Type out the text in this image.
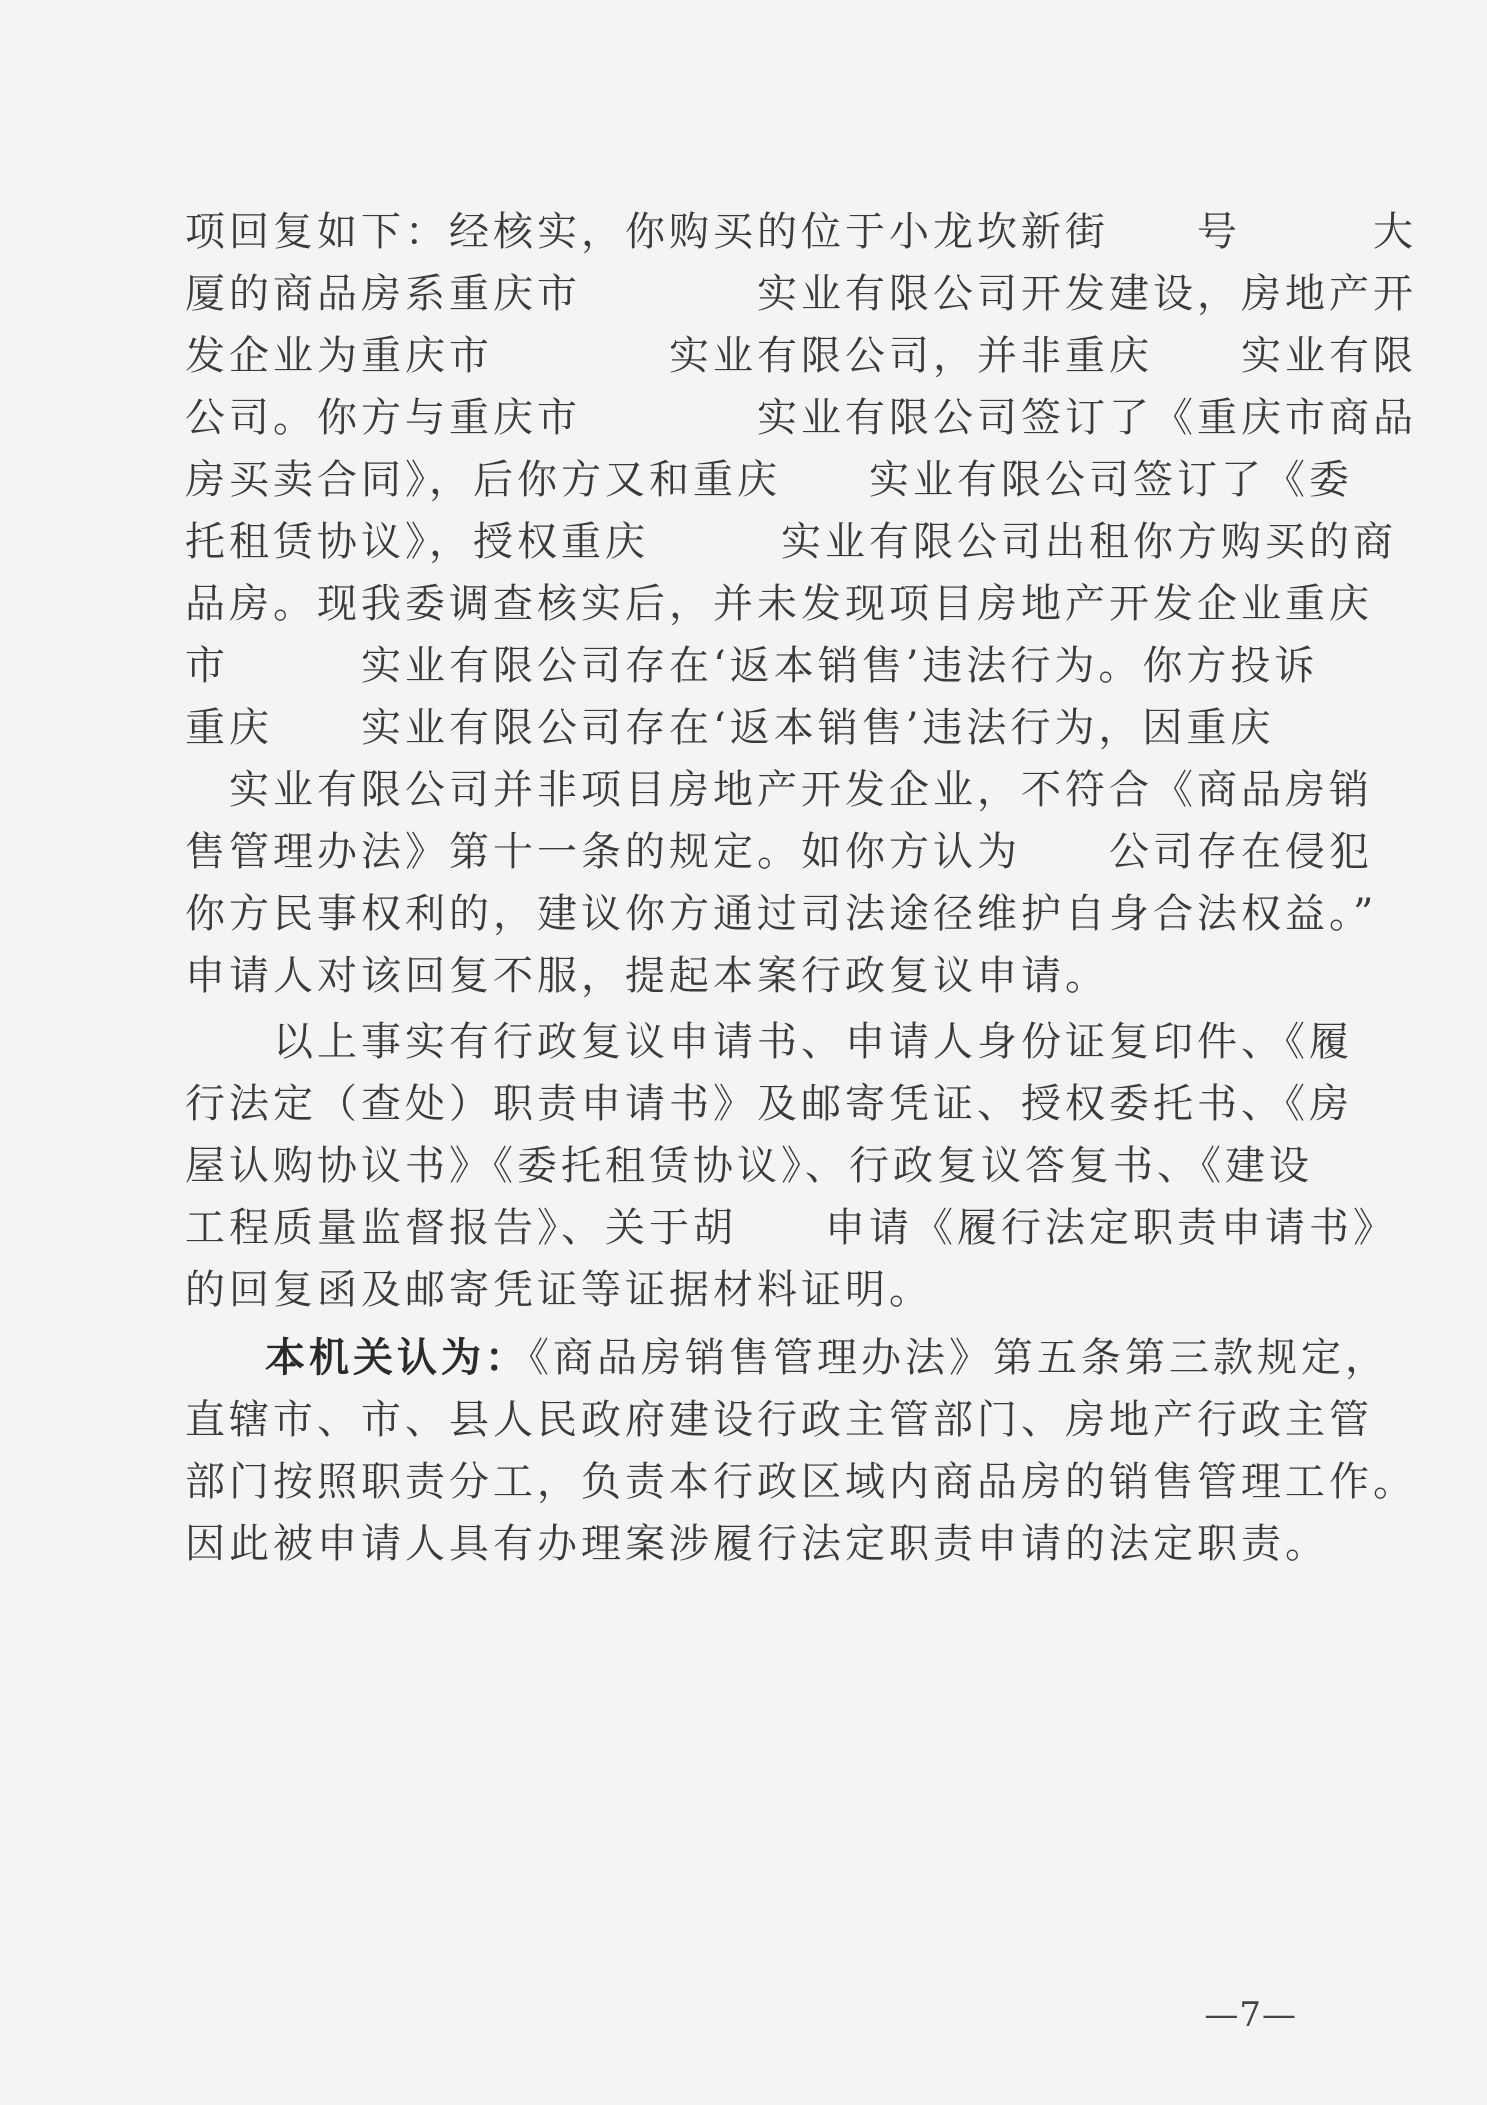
项回复如下：经核实，你购买的位于小龙坎新街　　号　　　大
厦的商品房系重庆市　　　　实业有限公司开发建设，房地产开
发企业为重庆市　　　　实业有限公司，并非重庆　　实业有限
公司。你方与重庆市　　　　实业有限公司签订了《重庆市商品
房买卖合同》，后你方又和重庆　　实业有限公司签订了《委
托租赁协议》，授权重庆　　　实业有限公司出租你方购买的商
品房。现我委调查核实后，并未发现项目房地产开发企业重庆
市　　　实业有限公司存在‘返本销售’违法行为。你方投诉
重庆　　实业有限公司存在‘返本销售’违法行为，因重庆
　实业有限公司并非项目房地产开发企业，不符合《商品房销
售管理办法》第十一条的规定。如你方认为　　公司存在侵犯
你方民事权利的，建议你方通过司法途径维护自身合法权益。”
申请人对该回复不服，提起本案行政复议申请。
　　以上事实有行政复议申请书、申请人身份证复印件、《履
行法定（查处）职责申请书》及邮寄凭证、授权委托书、《房
屋认购协议书》《委托租赁协议》、行政复议答复书、《建设
工程质量监督报告》、关于胡　　申请《履行法定职责申请书》
的回复函及邮寄凭证等证据材料证明。
本机关认为：《商品房销售管理办法》第五条第三款规定，
直辖市、市、县人民政府建设行政主管部门、房地产行政主管
部门按照职责分工，负责本行政区域内商品房的销售管理工作。
因此被申请人具有办理案涉履行法定职责申请的法定职责。
—7—
